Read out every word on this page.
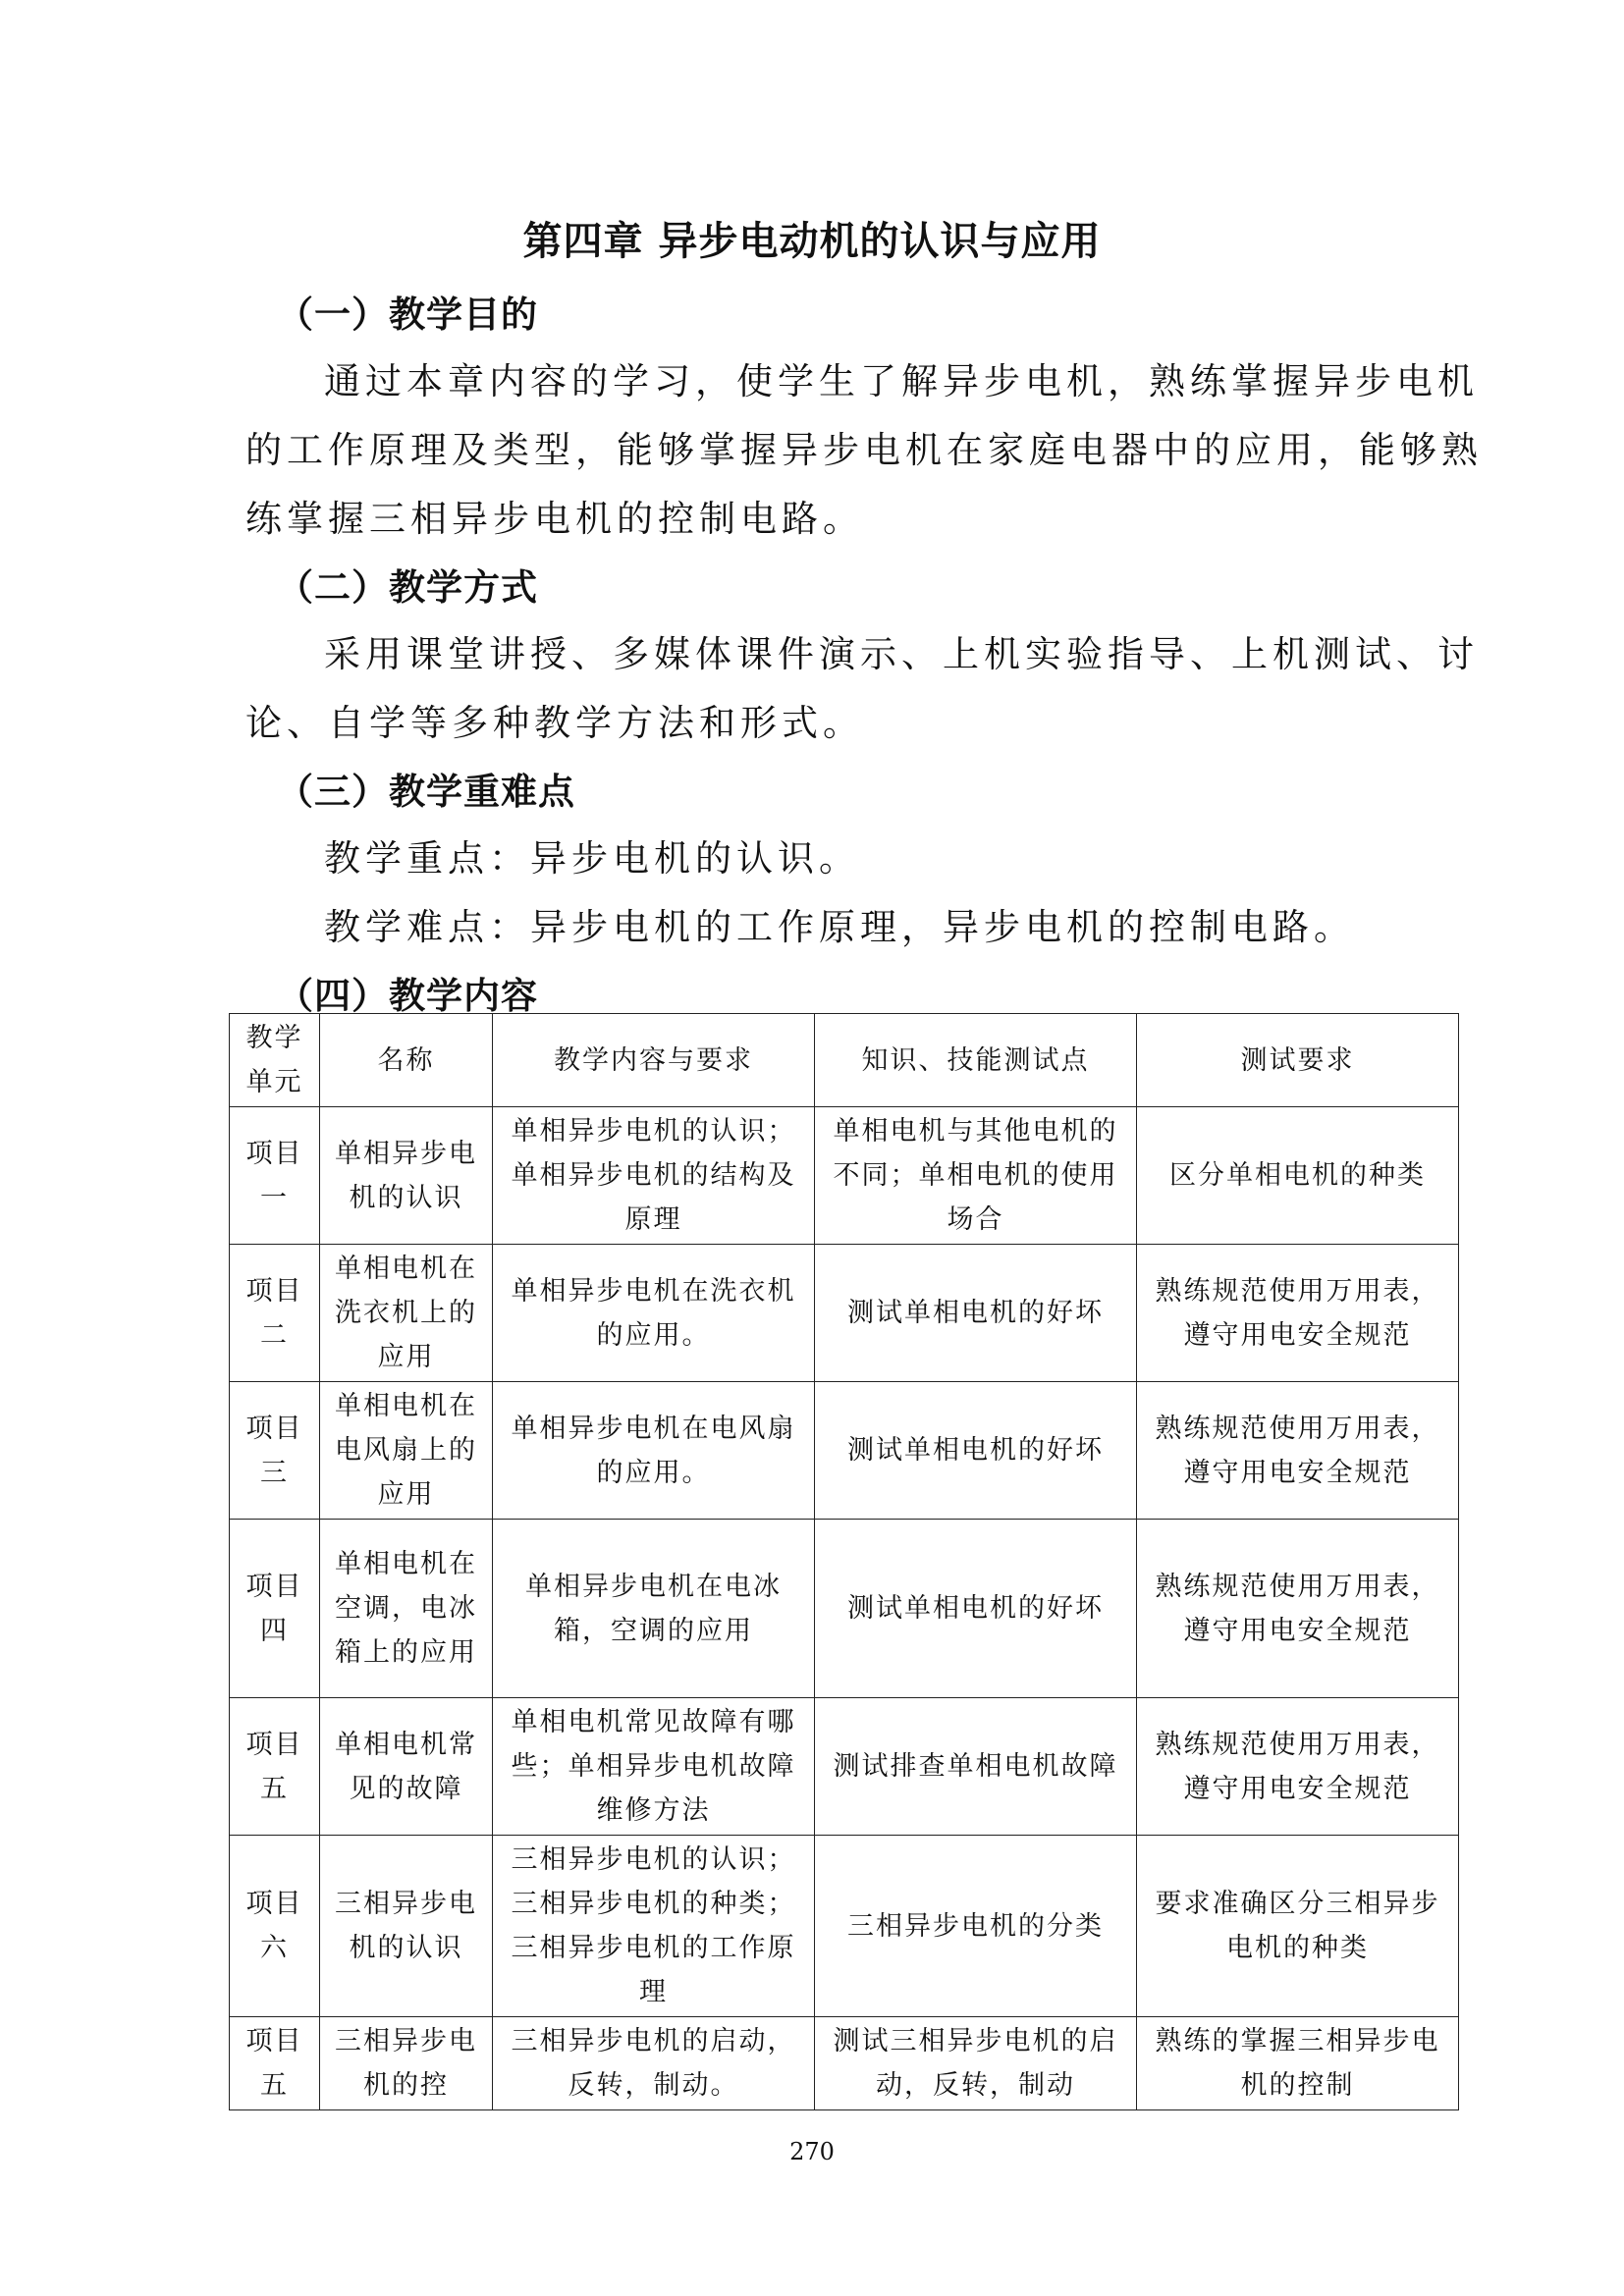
第四章 异步电动机的认识与应用
（一）教学目的
通过本章内容的学习，使学生了解异步电机，熟练掌握异步电机
的工作原理及类型，能够掌握异步电机在家庭电器中的应用，能够熟
练掌握三相异步电机的控制电路。
（二）教学方式
采用课堂讲授、多媒体课件演示、上机实验指导、上机测试、讨
论、自学等多种教学方法和形式。
（三）教学重难点
教学重点：异步电机的认识。
教学难点：异步电机的工作原理，异步电机的控制电路。
（四）教学内容
教学单元	名称	教学内容与要求	知识、技能测试点	测试要求
项目一	单相异步电机的认识	单相异步电机的认识；单相异步电机的结构及原理	单相电机与其他电机的不同；单相电机的使用场合	区分单相电机的种类
项目二	单相电机在洗衣机上的应用	单相异步电机在洗衣机的应用。	测试单相电机的好坏	熟练规范使用万用表，遵守用电安全规范
项目三	单相电机在电风扇上的应用	单相异步电机在电风扇的应用。	测试单相电机的好坏	熟练规范使用万用表，遵守用电安全规范
项目四	单相电机在空调，电冰箱上的应用	单相异步电机在电冰箱，空调的应用	测试单相电机的好坏	熟练规范使用万用表，遵守用电安全规范
项目五	单相电机常见的故障	单相电机常见故障有哪些；单相异步电机故障维修方法	测试排查单相电机故障	熟练规范使用万用表，遵守用电安全规范
项目六	三相异步电机的认识	三相异步电机的认识；三相异步电机的种类；三相异步电机的工作原理	三相异步电机的分类	要求准确区分三相异步电机的种类
项目五	三相异步电机的控	三相异步电机的启动，反转，制动。	测试三相异步电机的启动，反转，制动	熟练的掌握三相异步电机的控制
270
